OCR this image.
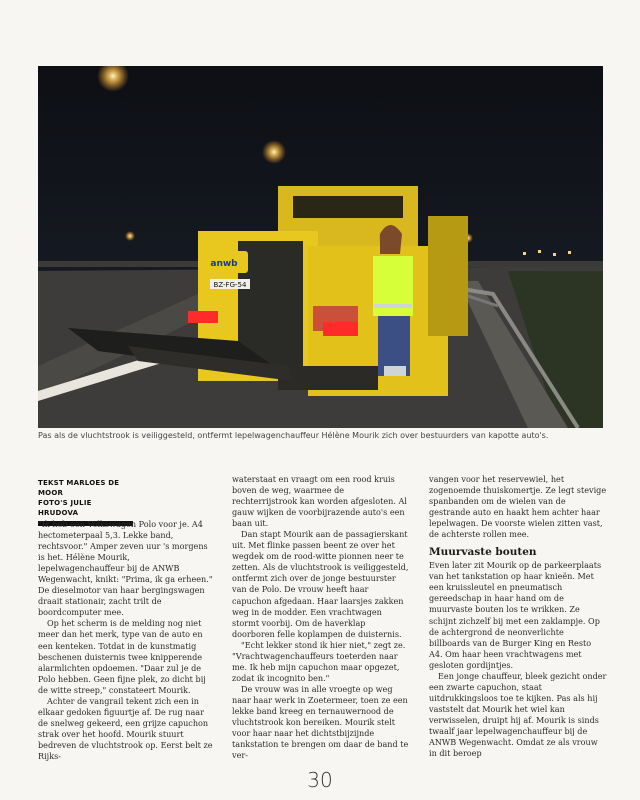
BZ-FG-54
anwb
Pas als de vluchtstrook is veiliggesteld, ontfermt lepelwagenchauffeur Hélène Mourik zich over bestuurders van kapotte auto's.
TEKST MARLOES DE MOOR
FOTO'S JULIE HRUDOVA

"Ik heb een Volkswagen Polo voor je. A4 hectometerpaal 5,3. Lekke band, rechtsvoor." Amper zeven uur 's morgens is het. Hélène Mourik, lepelwagenchauffeur bij de ANWB Wegenwacht, knikt: "Prima, ik ga erheen." De dieselmotor van haar bergingswagen draait stationair, zacht trilt de boordcomputer mee.

Op het scherm is de melding nog niet meer dan het merk, type van de auto en een kenteken. Totdat in de kunstmatig beschenen duisternis twee knipperende alarmlichten opdoemen. "Daar zul je de Polo hebben. Geen fijne plek, zo dicht bij de witte streep," constateert Mourik.

Achter de vangrail tekent zich een in elkaar gedoken figuurtje af. De rug naar de snelweg gekeerd, een grijze capuchon strak over het hoofd. Mourik stuurt bedreven de vluchtstrook op. Eerst belt ze Rijks-

waterstaat en vraagt om een rood kruis boven de weg, waarmee de rechterrijstrook kan worden afgesloten. Al gauw wijken de voorbijrazende auto's een baan uit.

Dan stapt Mourik aan de passagierskant uit. Met flinke passen beent ze over het wegdek om de rood-witte pionnen neer te zetten. Als de vluchtstrook is veiliggesteld, ontfermt zich over de jonge bestuurster van de Polo. De vrouw heeft haar capuchon afgedaan. Haar laarsjes zakken weg in de modder. Een vrachtwagen stormt voorbij. Om de haverklap doorboren felle koplampen de duisternis.

"Echt lekker stond ik hier niet," zegt ze. "Vrachtwagenchauffeurs toeterden naar me. Ik heb mijn capuchon maar opgezet, zodat ik incognito ben."

De vrouw was in alle vroegte op weg naar haar werk in Zoetermeer, toen ze een lekke band kreeg en ternauwernood de vluchtstrook kon bereiken. Mourik stelt voor haar naar het dichtstbijzijnde tankstation te brengen om daar de band te ver-

vangen voor het reservewiel, het zogenoemde thuiskomertje. Ze legt stevige spanbanden om de wielen van de gestrande auto en haakt hem achter haar lepelwagen. De voorste wielen zitten vast, de achterste rollen mee.

Muurvaste bouten

Even later zit Mourik op de parkeerplaats van het tankstation op haar knieën. Met een kruissleutel en pneumatisch gereedschap in haar hand om de muurvaste bouten los te wrikken. Ze schijnt zichzelf bij met een zaklampje. Op de achtergrond de neonverlichte billboards van de Burger King en Resto A4. Om haar heen vrachtwagens met gesloten gordijntjes.

Een jonge chauffeur, bleek gezicht onder een zwarte capuchon, staat uitdrukkingsloos toe te kijken. Pas als hij vaststelt dat Mourik het wiel kan verwisselen, druipt hij af. Mourik is sinds twaalf jaar lepelwagenchauffeur bij de ANWB Wegenwacht. Omdat ze als vrouw in dit beroep

30
